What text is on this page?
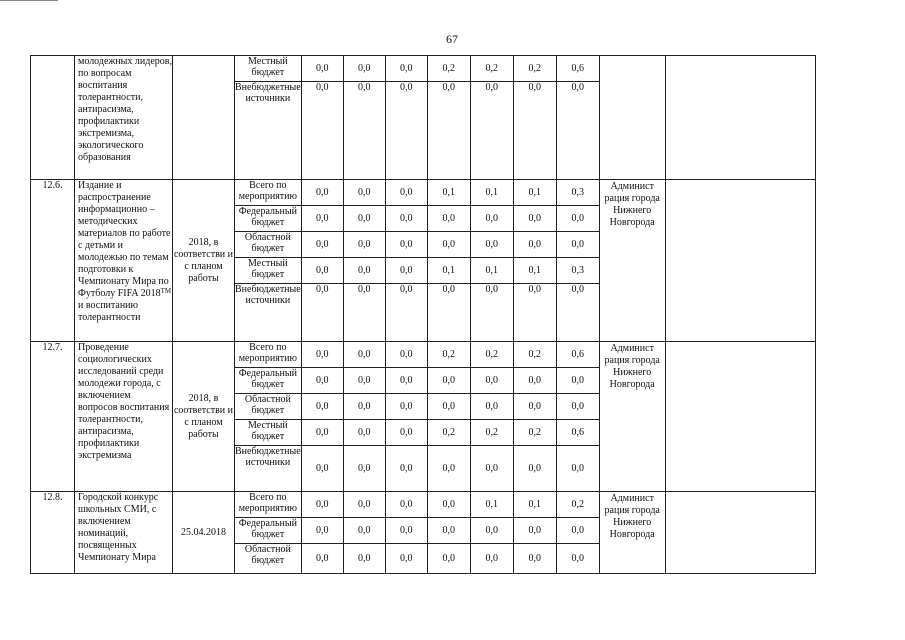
67
	молодежных лидеров, по вопросам воспитания толерантности, антирасизма, профилактики экстремизма, экологического образования		Местный бюджет	0,0	0,0	0,0	0,2	0,2	0,2	0,6		
			Внебюджетные источники	0,0	0,0	0,0	0,0	0,0	0,0	0,0		
12.6.	Издание и распространение информационно – методических материалов по работе с детьми и молодежью по темам подготовки к Чемпионату Мира по Футболу FIFA 2018™ и воспитанию толерантности	2018, в соответстви и с планом работы	Всего по мероприятию	0,0	0,0	0,0	0,1	0,1	0,1	0,3	Админист рация города Нижнего Новгорода	
			Федеральный бюджет	0,0	0,0	0,0	0,0	0,0	0,0	0,0		
			Областной бюджет	0,0	0,0	0,0	0,0	0,0	0,0	0,0		
			Местный бюджет	0,0	0,0	0,0	0,1	0,1	0,1	0,3		
			Внебюджетные источники	0,0	0,0	0,0	0,0	0,0	0,0	0,0		
12.7.	Проведение социологических исследований среди молодежи города, с включением вопросов воспитания толерантности, антирасизма, профилактики экстремизма	2018, в соответстви и с планом работы	Всего по мероприятию	0,0	0,0	0,0	0,2	0,2	0,2	0,6	Админист рация города Нижнего Новгорода	
			Федеральный бюджет	0,0	0,0	0,0	0,0	0,0	0,0	0,0		
			Областной бюджет	0,0	0,0	0,0	0,0	0,0	0,0	0,0		
			Местный бюджет	0,0	0,0	0,0	0,2	0,2	0,2	0,6		
			Внебюджетные источники	0,0	0,0	0,0	0,0	0,0	0,0	0,0		
12.8.	Городской конкурс школьных СМИ, с включением номинаций, посвященных Чемпионату Мира	25.04.2018	Всего по мероприятию	0,0	0,0	0,0	0,0	0,1	0,1	0,2	Админист рация города Нижнего Новгорода	
			Федеральный бюджет	0,0	0,0	0,0	0,0	0,0	0,0	0,0		
			Областной бюджет	0,0	0,0	0,0	0,0	0,0	0,0	0,0		
